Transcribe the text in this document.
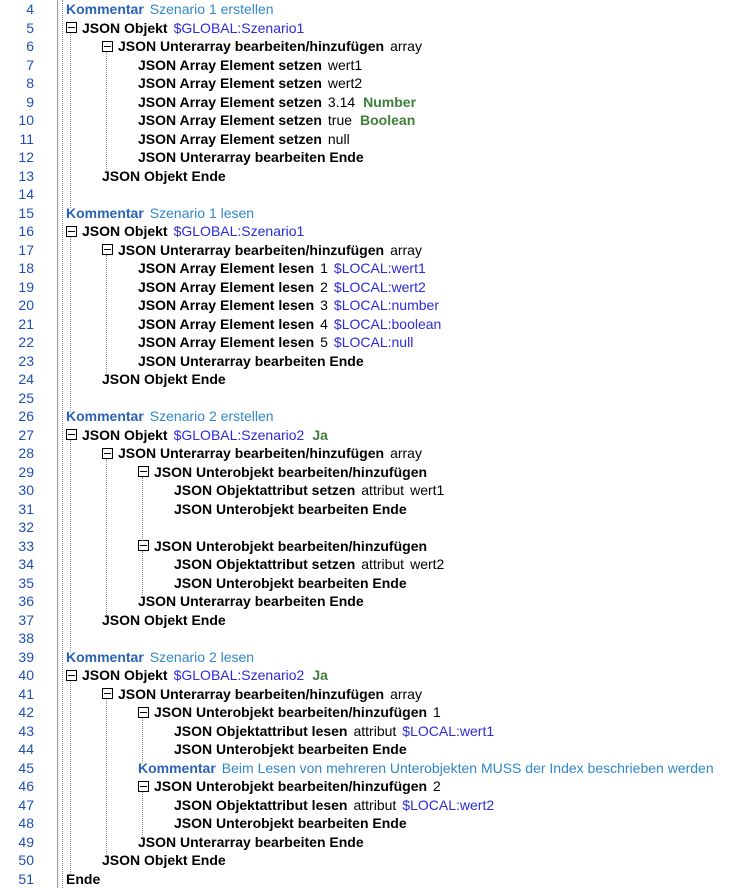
4 Kommentar Szenario 1 erstellen
5	JSON Objekt $GLOBAL:Szenario1
6	JSON Unterarray bearbeiten/hinzufügen array
7	JSON Array Element setzen wert1
8	JSON Array Element setzen wert2
9	JSON Array Element setzen 3.14 Number
10	JSON Array Element setzen true Boolean
11	JSON Array Element setzen null
12	JSON Unterarray bearbeiten Ende
13	JSON Objekt Ende
14
15 Kommentar Szenario 1 lesen
16	JSON Objekt $GLOBAL:Szenario1
17	JSON Unterarray bearbeiten/hinzufügen array
18	JSON Array Element lesen 1 $LOCAL:wert1
19	JSON Array Element lesen 2 $LOCAL:wert2
20	JSON Array Element lesen 3 $LOCAL:number
21	JSON Array Element lesen 4 $LOCAL:boolean
22	JSON Array Element lesen 5 $LOCAL:null
23	JSON Unterarray bearbeiten Ende
24	JSON Objekt Ende
25
26 Kommentar Szenario 2 erstellen
27	JSON Objekt $GLOBAL:Szenario2 Ja
28	JSON Unterarray bearbeiten/hinzufügen array
29	JSON Unterobjekt bearbeiten/hinzufügen
30	JSON Objektattribut setzen attribut wert1
31	JSON Unterobjekt bearbeiten Ende
32
33	JSON Unterobjekt bearbeiten/hinzufügen
34	JSON Objektattribut setzen attribut wert2
35	JSON Unterobjekt bearbeiten Ende
36	JSON Unterarray bearbeiten Ende
37	JSON Objekt Ende
38
39 Kommentar Szenario 2 lesen
40	JSON Objekt $GLOBAL:Szenario2 Ja
41	JSON Unterarray bearbeiten/hinzufügen array
42	JSON Unterobjekt bearbeiten/hinzufügen 1
43	JSON Objektattribut lesen attribut $LOCAL:wert1
44	JSON Unterobjekt bearbeiten Ende
45	Kommentar Beim Lesen von mehreren Unterobjekten MUSS der Index beschrieben werden
46	JSON Unterobjekt bearbeiten/hinzufügen 2
47	JSON Objektattribut lesen attribut $LOCAL:wert2
48	JSON Unterobjekt bearbeiten Ende
49	JSON Unterarray bearbeiten Ende
50	JSON Objekt Ende
51 Ende
